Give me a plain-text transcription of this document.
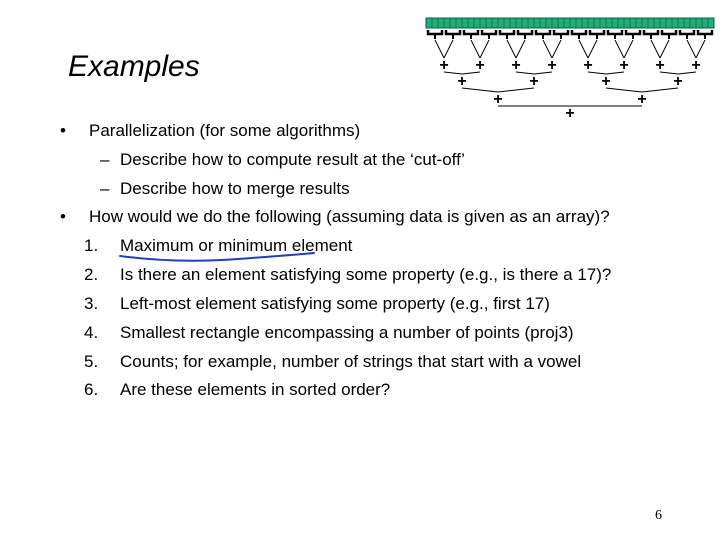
Examples	+ + + + + + + +
+	+	+	+
+	+
+
• Parallelization (for some algorithms)
– Describe how to compute result at the ‘cut-off’
– Describe how to merge results
• How would we do the following (assuming data is given as an array)?
1. Maximum or minimum element
2. Is there an element satisfying some property (e.g., is there a 17)?
3. Left-most element satisfying some property (e.g., first 17)
4. Smallest rectangle encompassing a number of points (proj3)
5. Counts; for example, number of strings that start with a vowel
6. Are these elements in sorted order?
6
